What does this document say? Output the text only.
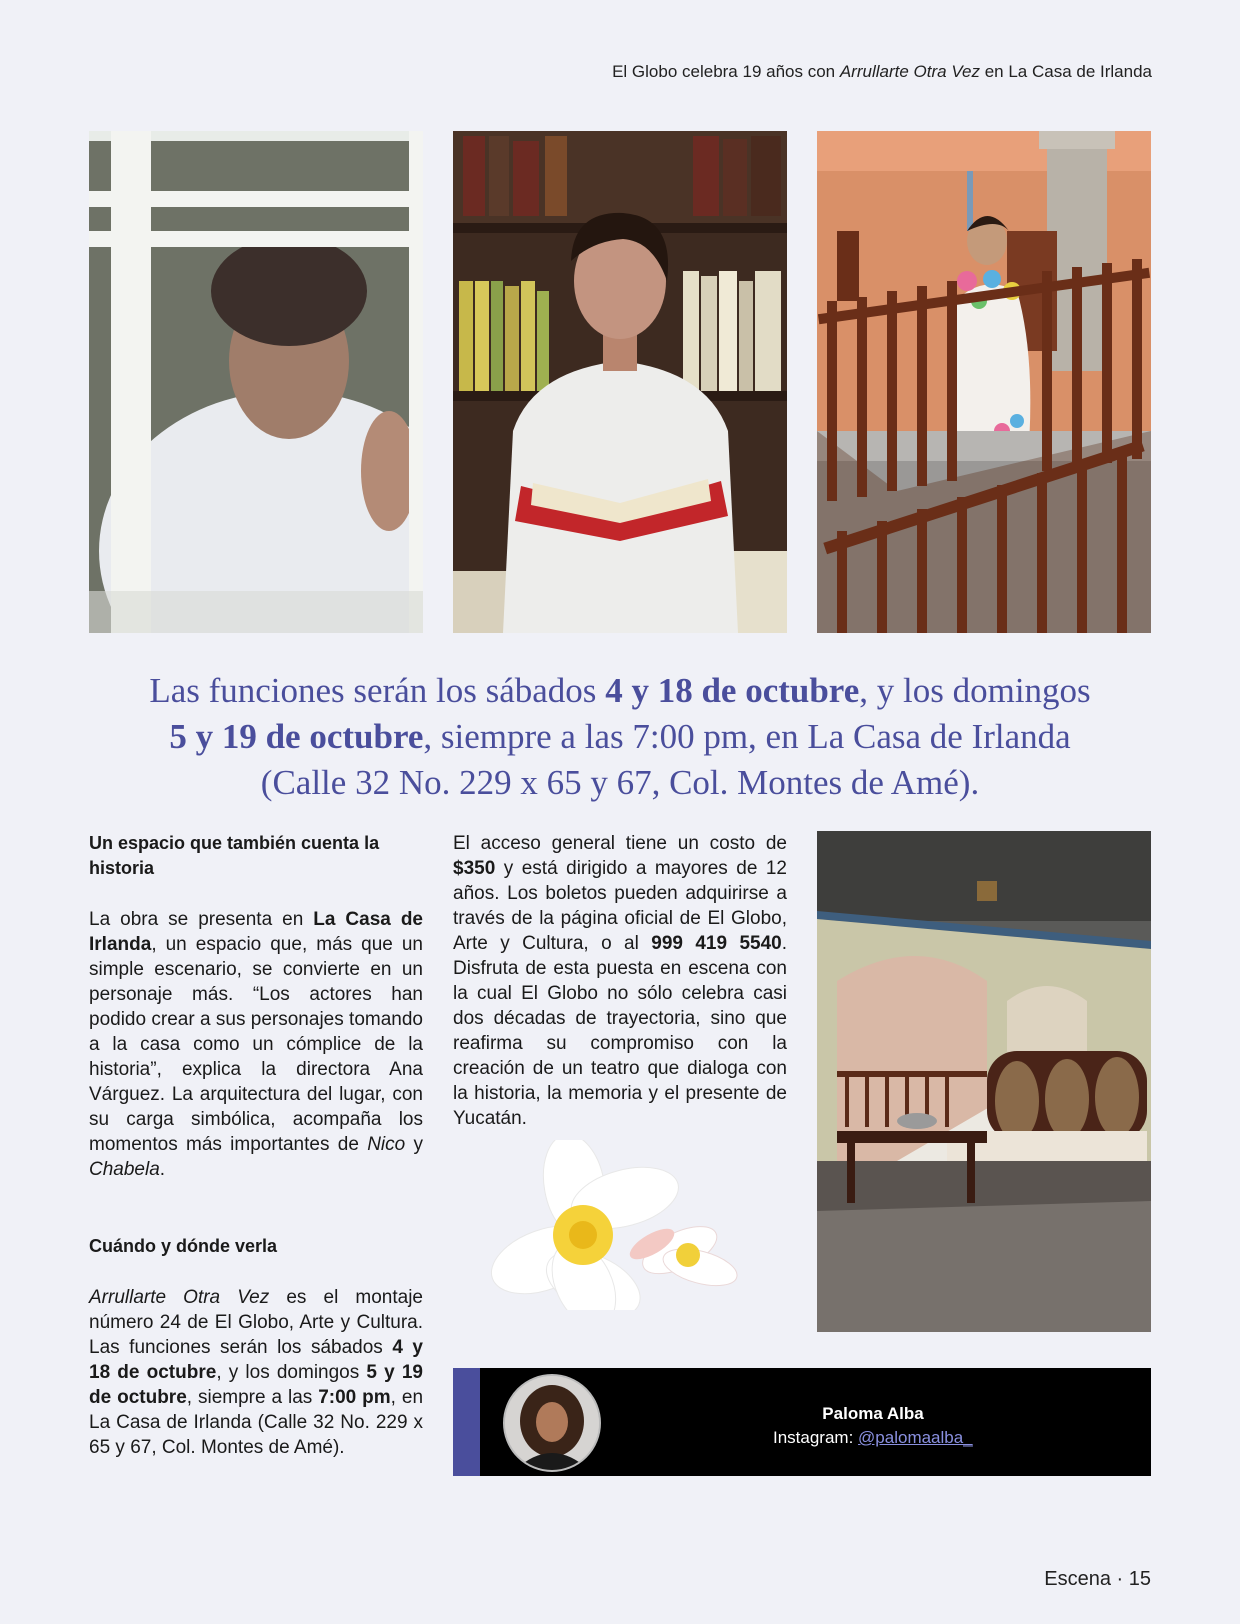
El Globo celebra 19 años con Arrullarte Otra Vez en La Casa de Irlanda
Las funciones serán los sábados 4 y 18 de octubre, y los domingos
5 y 19 de octubre, siempre a las 7:00 pm, en La Casa de Irlanda
(Calle 32 No. 229 x 65 y 67, Col. Montes de Amé).

Un espacio que también cuenta la historia

La obra se presenta en La Casa de Irlanda, un espacio que, más que un simple escenario, se convierte en un personaje más. “Los actores han podido crear a sus personajes tomando a la casa como un cómplice de la historia”, explica la directora Ana Várguez. La arquitectura del lugar, con su carga simbólica, acompaña los momentos más importantes de Nico y Chabela.

Cuándo y dónde verla

Arrullarte Otra Vez es el montaje número 24 de El Globo, Arte y Cultura. Las funciones serán los sábados 4 y 18 de octubre, y los domingos 5 y 19 de octubre, siempre a las 7:00 pm, en La Casa de Irlanda (Calle 32 No. 229 x 65 y 67, Col. Montes de Amé).

El acceso general tiene un costo de $350 y está dirigido a mayores de 12 años. Los boletos pueden adquirirse a través de la página oficial de El Globo, Arte y Cultura, o al 999 419 5540. Disfruta de esta puesta en escena con la cual El Globo no sólo celebra casi dos décadas de trayectoria, sino que reafirma su compromiso con la creación de un teatro que dialoga con la historia, la memoria y el presente de Yucatán.

Paloma Alba
Instagram: @palomaalba_
Escena · 15
